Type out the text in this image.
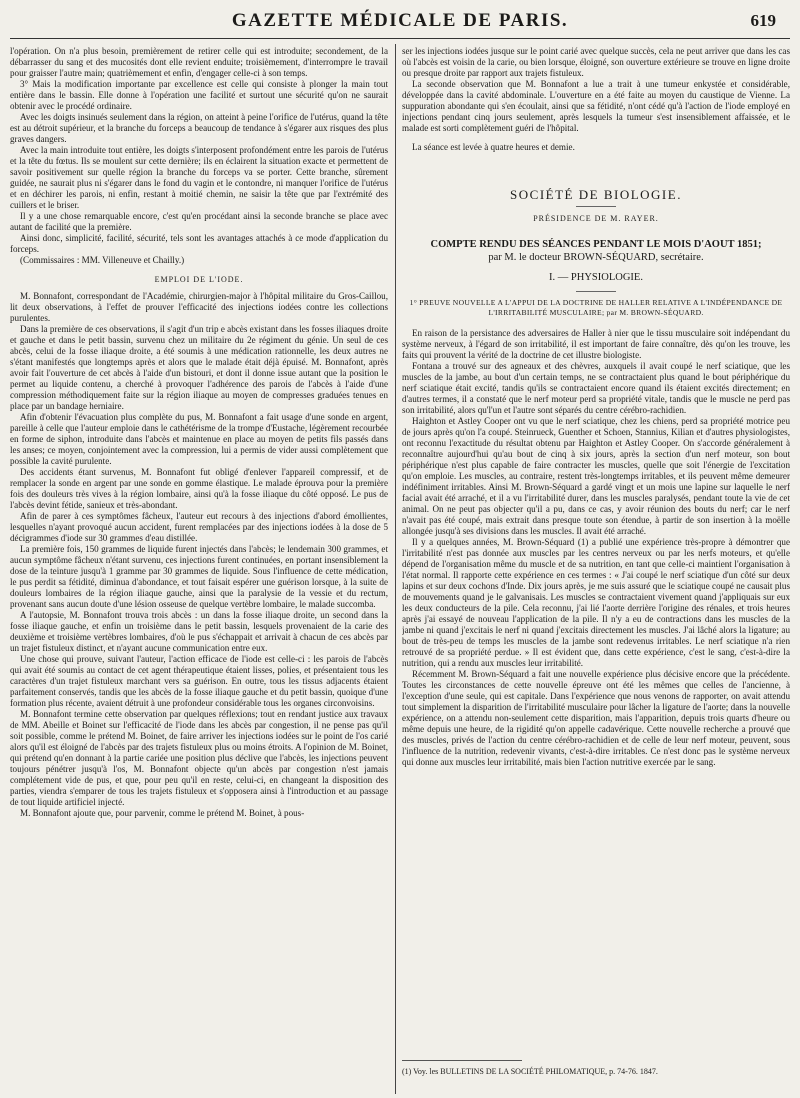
GAZETTE MÉDICALE DE PARIS.	619

l'opération. On n'a plus besoin, premièrement de retirer celle qui est introduite; secondement, de la débarrasser du sang et des mucosités dont elle revient enduite; troisièmement, d'interrompre le travail pour graisser l'autre main; quatrièmement et enfin, d'engager celle-ci à son temps.

3° Mais la modification importante par excellence est celle qui consiste à plonger la main tout entière dans le bassin. Elle donne à l'opération une facilité et surtout une sécurité qu'on ne saurait obtenir avec le procédé ordinaire.

Avec les doigts insinués seulement dans la région, on atteint à peine l'orifice de l'utérus, quand la tête est au détroit supérieur, et la branche du forceps a beaucoup de tendance à s'égarer aux risques des plus graves dangers.

Avec la main introduite tout entière, les doigts s'interposent profondément entre les parois de l'utérus et la tête du fœtus. Ils se moulent sur cette dernière; ils en éclairent la situation exacte et permettent de savoir positivement sur quelle région la branche du forceps va se porter. Cette branche, sûrement guidée, ne saurait plus ni s'égarer dans le fond du vagin et le contondre, ni manquer l'orifice de l'utérus et en déchirer les parois, ni enfin, restant à moitié chemin, ne saisir la tête que par l'extrémité des cuillers et le briser.

Il y a une chose remarquable encore, c'est qu'en procédant ainsi la seconde branche se place avec autant de facilité que la première.

Ainsi donc, simplicité, facilité, sécurité, tels sont les avantages attachés à ce mode d'application du forceps.

(Commissaires : MM. Villeneuve et Chailly.)

EMPLOI DE L'IODE.

M. Bonnafont, correspondant de l'Académie, chirurgien-major à l'hôpital militaire du Gros-Caillou, lit deux observations, à l'effet de prouver l'efficacité des injections iodées contre les collections purulentes.

Dans la première de ces observations, il s'agit d'un trip e abcès existant dans les fosses iliaques droite et gauche et dans le petit bassin, survenu chez un militaire du 2e régiment du génie. Un seul de ces abcès, celui de la fosse iliaque droite, a été soumis à une médication rationnelle, les deux autres ne s'étant manifestés que longtemps après et alors que le malade était déjà épuisé. M. Bonnafont, après avoir fait l'ouverture de cet abcès à l'aide d'un bistouri, et dont il donne issue autant que la position le permet au liquide contenu, a cherché à provoquer l'adhérence des parois de l'abcès à l'aide d'une compression méthodiquement faite sur la région iliaque au moyen de compresses graduées tenues en place par un bandage herniaire.

Afin d'obtenir l'évacuation plus complète du pus, M. Bonnafont a fait usage d'une sonde en argent, pareille à celle que l'auteur emploie dans le cathétérisme de la trompe d'Eustache, légèrement recourbée en forme de siphon, introduite dans l'abcès et maintenue en place au moyen de petits fils passés dans les anses; ce moyen, conjointement avec la compression, lui a permis de vider aussi complètement que possible la cavité purulente.

Des accidents étant survenus, M. Bonnafont fut obligé d'enlever l'appareil compressif, et de remplacer la sonde en argent par une sonde en gomme élastique. Le malade éprouva pour la première fois des douleurs très vives à la région lombaire, ainsi qu'à la fosse iliaque du côté opposé. Le pus de l'abcès devint fétide, sanieux et très-abondant.

Afin de parer à ces symptômes fâcheux, l'auteur eut recours à des injections d'abord émollientes, lesquelles n'ayant provoqué aucun accident, furent remplacées par des injections iodées à la dose de 5 décigrammes d'iode sur 30 grammes d'eau distillée.

La première fois, 150 grammes de liquide furent injectés dans l'abcès; le lendemain 300 grammes, et aucun symptôme fâcheux n'étant survenu, ces injections furent continuées, en portant insensiblement la dose de la teinture jusqu'à 1 gramme par 30 grammes de liquide. Sous l'influence de cette médication, le pus perdit sa fétidité, diminua d'abondance, et tout faisait espérer une guérison lorsque, à la suite de douleurs lombaires de la région iliaque gauche, ainsi que la paralysie de la vessie et du rectum, provenant sans aucun doute d'une lésion osseuse de quelque vertèbre lombaire, le malade succomba.

A l'autopsie, M. Bonnafont trouva trois abcès : un dans la fosse iliaque droite, un second dans la fosse iliaque gauche, et enfin un troisième dans le petit bassin, lesquels provenaient de la carie des deuxième et troisième vertèbres lombaires, d'où le pus s'échappait et arrivait à chacun de ces abcès par un trajet fistuleux distinct, et n'ayant aucune communication entre eux.

Une chose qui prouve, suivant l'auteur, l'action efficace de l'iode est celle-ci : les parois de l'abcès qui avait été soumis au contact de cet agent thérapeutique étaient lisses, polies, et présentaient tous les caractères d'un trajet fistuleux marchant vers sa guérison. En outre, tous les tissus adjacents étaient parfaitement conservés, tandis que les abcès de la fosse iliaque gauche et du petit bassin, quoique d'une formation plus récente, avaient détruit à une profondeur considérable tous les organes circonvoisins.

M. Bonnafont termine cette observation par quelques réflexions; tout en rendant justice aux travaux de MM. Abeille et Boinet sur l'efficacité de l'iode dans les abcès par congestion, il ne pense pas qu'il soit possible, comme le prétend M. Boinet, de faire arriver les injections iodées sur le point de l'os carié alors qu'il est éloigné de l'abcès par des trajets fistuleux plus ou moins étroits. A l'opinion de M. Boinet, qui prétend qu'en donnant à la partie cariée une position plus déclive que l'abcès, les injections peuvent toujours pénétrer jusqu'à l'os, M. Bonnafont objecte qu'un abcès par congestion n'est jamais complétement vide de pus, et que, pour peu qu'il en reste, celui-ci, en changeant la disposition des parties, viendra s'emparer de tous les trajets fistuleux et s'opposera ainsi à l'introduction et au passage de tout liquide artificiel injecté.

M. Bonnafont ajoute que, pour parvenir, comme le prétend M. Boinet, à pous-

ser les injections iodées jusque sur le point carié avec quelque succès, cela ne peut arriver que dans les cas où l'abcès est voisin de la carie, ou bien lorsque, éloigné, son ouverture extérieure se trouve en ligne droite ou presque droite par rapport aux trajets fistuleux.

La seconde observation que M. Bonnafont a lue a trait à une tumeur enkystée et considérable, développée dans la cavité abdominale. L'ouverture en a été faite au moyen du caustique de Vienne. La suppuration abondante qui s'en écoulait, ainsi que sa fétidité, n'ont cédé qu'à l'action de l'iode employé en injections pendant cinq jours seulement, après lesquels la tumeur s'est insensiblement affaissée, et le malade est sorti complètement guéri de l'hôpital.

La séance est levée à quatre heures et demie.

SOCIÉTÉ DE BIOLOGIE.
PRÉSIDENCE DE M. RAYER.
COMPTE RENDU DES SÉANCES PENDANT LE MOIS D'AOUT 1851;
par M. le docteur BROWN-SÉQUARD, secrétaire.
I. — PHYSIOLOGIE.
1° PREUVE NOUVELLE A L'APPUI DE LA DOCTRINE DE HALLER RELATIVE A L'INDÉPENDANCE DE L'IRRITABILITÉ MUSCULAIRE; par M. BROWN-SÉQUARD.

En raison de la persistance des adversaires de Haller à nier que le tissu musculaire soit indépendant du système nerveux, à l'égard de son irritabilité, il est important de faire connaître, dès qu'on les trouve, les faits qui prouvent la vérité de la doctrine de cet illustre biologiste.

Fontana a trouvé sur des agneaux et des chèvres, auxquels il avait coupé le nerf sciatique, que les muscles de la jambe, au bout d'un certain temps, ne se contractaient plus quand le bout périphérique du nerf sciatique était excité, tandis qu'ils se contractaient encore quand ils étaient excités directement; en d'autres termes, il a constaté que le nerf moteur perd sa propriété vitale, tandis que le muscle ne perd pas son irritabilité, alors qu'l'un et l'autre sont séparés du centre cérébro-rachidien.

Haighton et Astley Cooper ont vu que le nerf sciatique, chez les chiens, perd sa propriété motrice peu de jours après qu'on l'a coupé. Steinrueck, Guenther et Schoen, Stannius, Kilian et d'autres physiologistes, ont reconnu l'exactitude du résultat obtenu par Haighton et Astley Cooper. On s'accorde généralement à reconnaître aujourd'hui qu'au bout de cinq à six jours, après la section d'un nerf moteur, son bout périphérique n'est plus capable de faire contracter les muscles, quelle que soit l'énergie de l'excitation qu'on emploie. Les muscles, au contraire, restent très-longtemps irritables, et ils peuvent même demeurer indéfiniment irritables. Ainsi M. Brown-Séquard a gardé vingt et un mois une lapine sur laquelle le nerf facial avait été arraché, et il a vu l'irritabilité durer, dans les muscles paralysés, pendant toute la vie de cet animal. On ne peut pas objecter qu'il a pu, dans ce cas, y avoir réunion des bouts du nerf; car le nerf n'avait pas été coupé, mais extrait dans presque toute son étendue, à partir de son insertion à la moëlle allongée jusqu'à ses divisions dans les muscles. Il avait été arraché.

Il y a quelques années, M. Brown-Séquard (1) a publié une expérience très-propre à démontrer que l'irritabilité n'est pas donnée aux muscles par les centres nerveux ou par les nerfs moteurs, et qu'elle dépend de l'organisation même du muscle et de sa nutrition, en tant que celle-ci maintient l'organisation à l'état normal. Il rapporte cette expérience en ces termes : « J'ai coupé le nerf sciatique d'un côté sur deux lapins et sur deux cochons d'Inde. Dix jours après, je me suis assuré que le sciatique coupé ne causait plus de mouvements quand je le galvanisais. Les muscles se contractaient vivement quand j'appliquais sur eux les deux conducteurs de la pile. Cela reconnu, j'ai lié l'aorte derrière l'origine des rénales, et trois heures après j'ai essayé de nouveau l'application de la pile. Il n'y a eu de contractions dans les muscles de la jambe ni quand j'excitais le nerf ni quand j'excitais directement les muscles. J'ai lâché alors la ligature; au bout de très-peu de temps les muscles de la jambe sont redevenus irritables. Le nerf sciatique n'a rien retrouvé de sa propriété perdue. » Il est évident que, dans cette expérience, c'est le sang, c'est-à-dire la nutrition, qui a rendu aux muscles leur irritabilité.

Récemment M. Brown-Séquard a fait une nouvelle expérience plus décisive encore que la précédente. Toutes les circonstances de cette nouvelle épreuve ont été les mêmes que celles de l'ancienne, à l'exception d'une seule, qui est capitale. Dans l'expérience que nous venons de rapporter, on avait attendu tout simplement la disparition de l'irritabilité musculaire pour lâcher la ligature de l'aorte; dans la nouvelle expérience, on a attendu non-seulement cette disparition, mais l'apparition, depuis trois quarts d'heure ou même depuis une heure, de la rigidité qu'on appelle cadavérique. Cette nouvelle recherche a prouvé que des muscles, privés de l'action du centre cérébro-rachidien et de celle de leur nerf moteur, peuvent, sous l'influence de la nutrition, redevenir vivants, c'est-à-dire irritables. Ce n'est donc pas le système nerveux qui donne aux muscles leur irritabilité, mais bien l'action nutritive exercée par le sang.

(1) Voy. les BULLETINS DE LA SOCIÉTÉ PHILOMATIQUE, p. 74-76. 1847.
